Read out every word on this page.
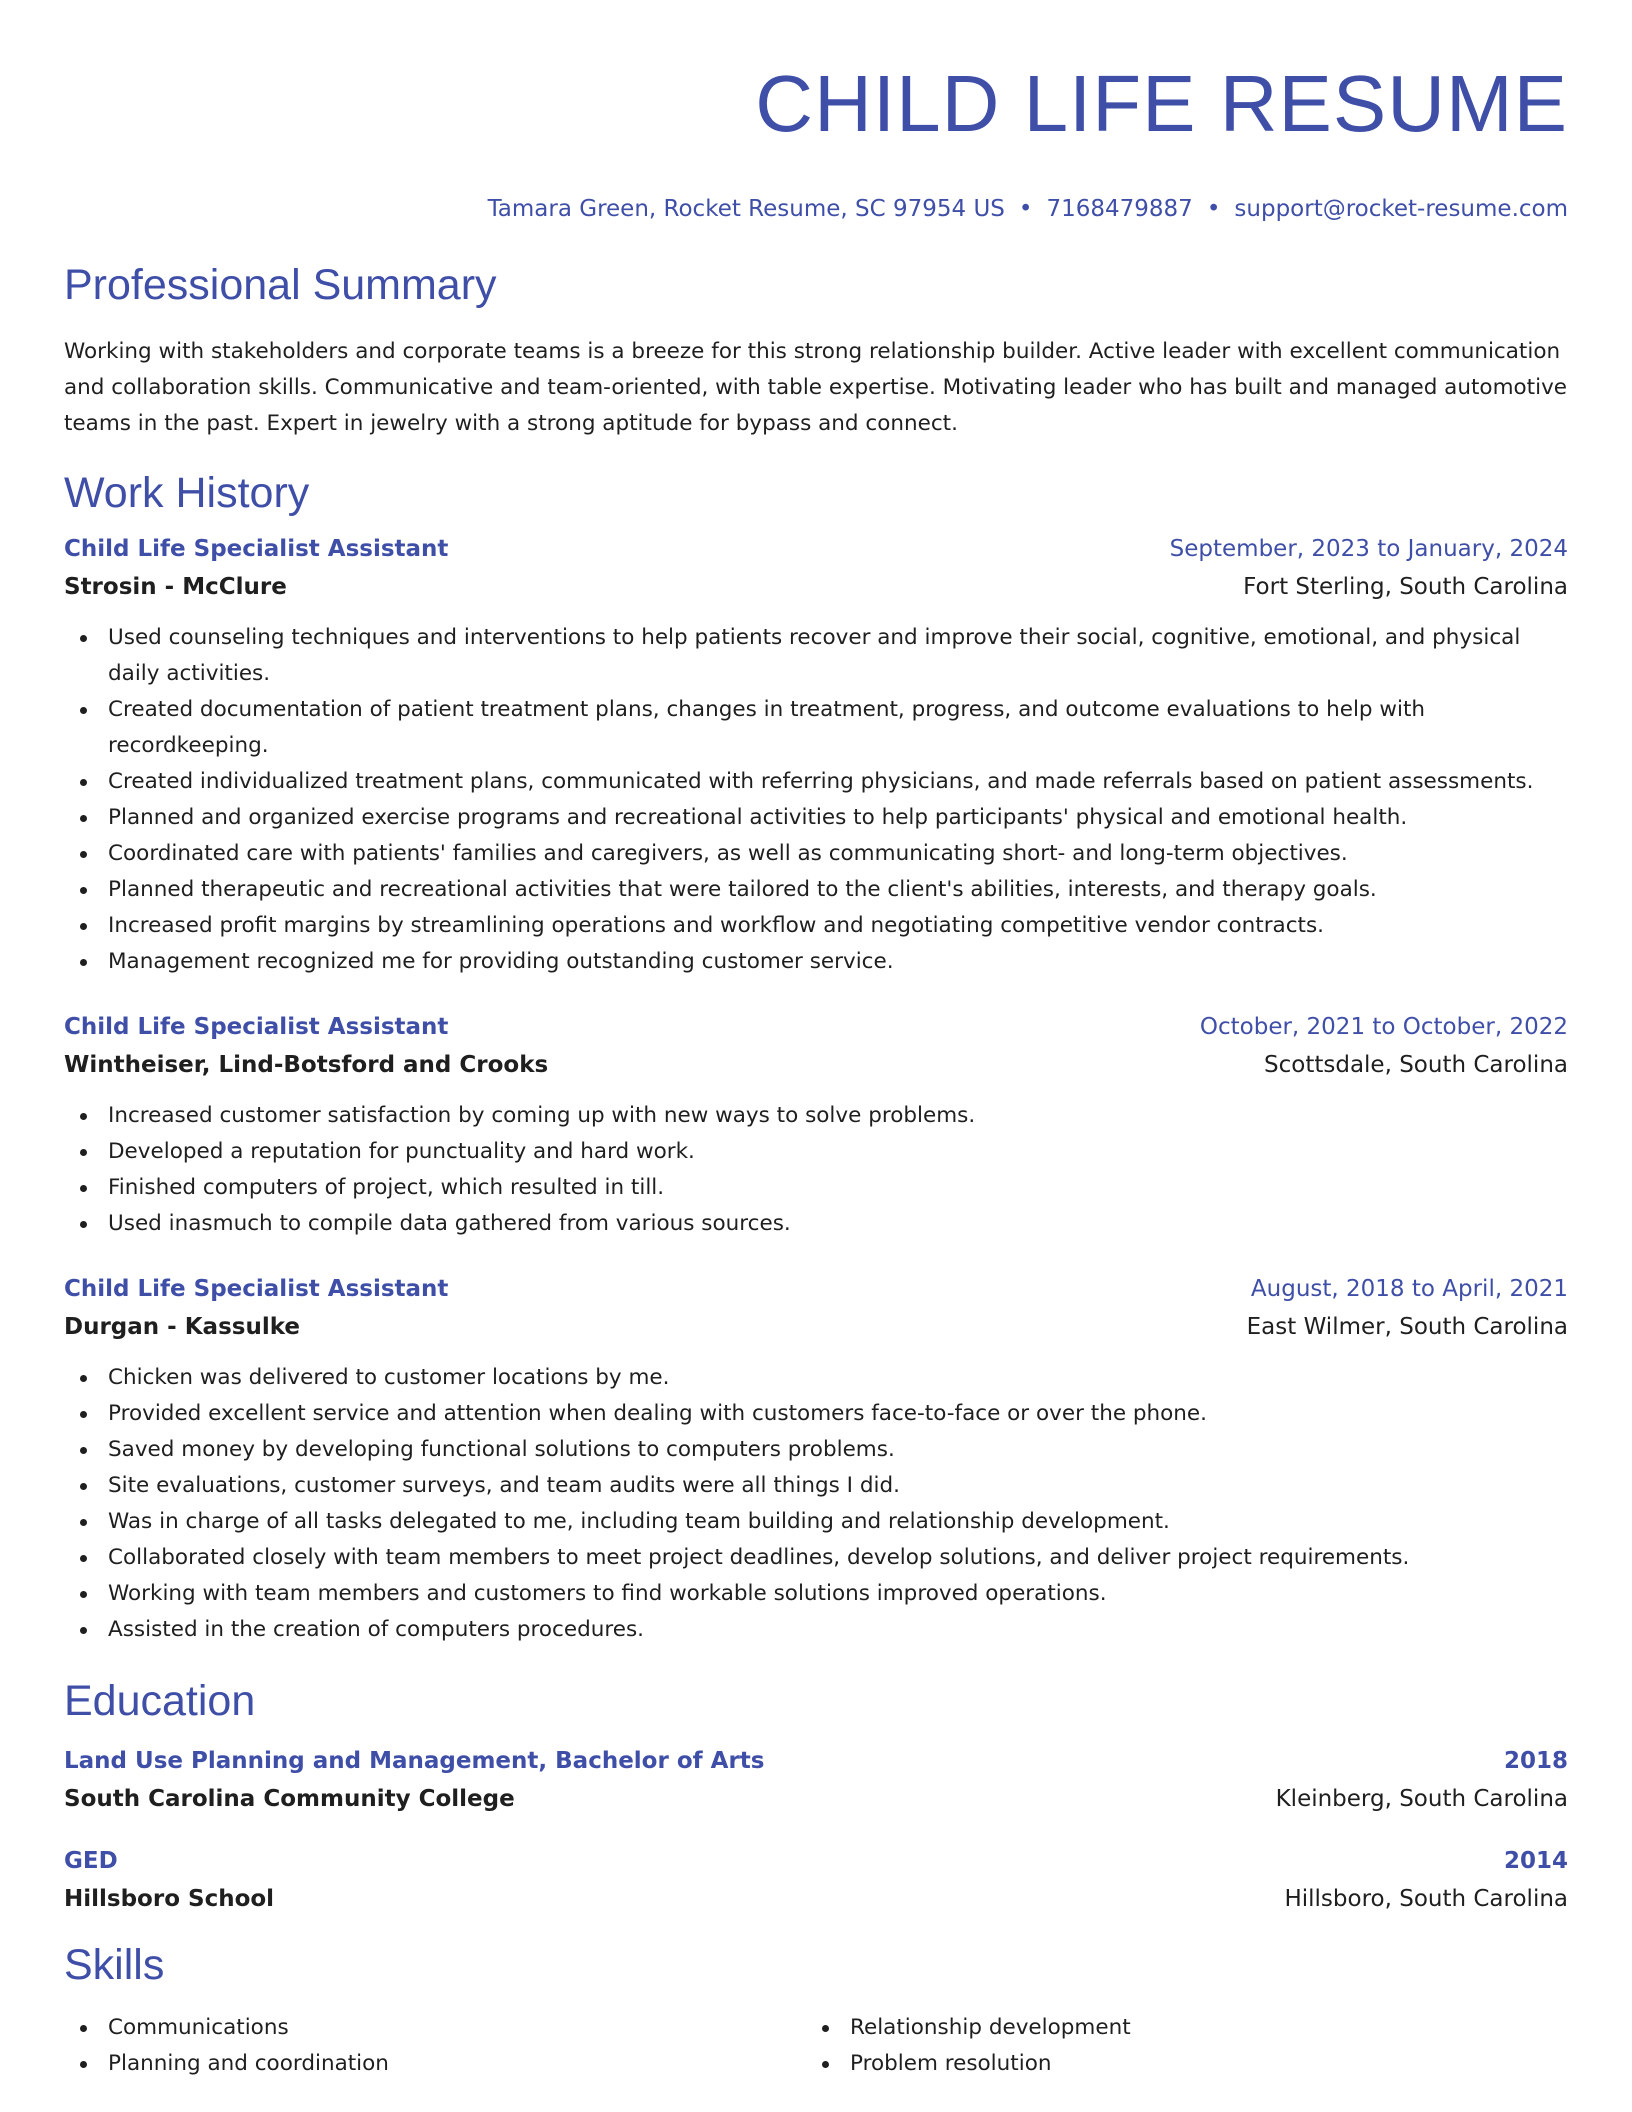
CHILD LIFE RESUME
Tamara Green, Rocket Resume, SC 97954 US • 7168479887 • support@rocket-resume.com
Professional Summary

Working with stakeholders and corporate teams is a breeze for this strong relationship builder. Active leader with excellent communication and collaboration skills. Communicative and team-oriented, with table expertise. Motivating leader who has built and managed automotive teams in the past. Expert in jewelry with a strong aptitude for bypass and connect.

Work History
Child Life Specialist Assistant	September, 2023 to January, 2024
Strosin - McClure	Fort Sterling, South Carolina
Used counseling techniques and interventions to help patients recover and improve their social, cognitive, emotional, and physical daily activities.
Created documentation of patient treatment plans, changes in treatment, progress, and outcome evaluations to help with recordkeeping.
Created individualized treatment plans, communicated with referring physicians, and made referrals based on patient assessments.
Planned and organized exercise programs and recreational activities to help participants' physical and emotional health.
Coordinated care with patients' families and caregivers, as well as communicating short- and long-term objectives.
Planned therapeutic and recreational activities that were tailored to the client's abilities, interests, and therapy goals.
Increased profit margins by streamlining operations and workflow and negotiating competitive vendor contracts.
Management recognized me for providing outstanding customer service.
Child Life Specialist Assistant	October, 2021 to October, 2022
Wintheiser, Lind-Botsford and Crooks	Scottsdale, South Carolina
Increased customer satisfaction by coming up with new ways to solve problems.
Developed a reputation for punctuality and hard work.
Finished computers of project, which resulted in till.
Used inasmuch to compile data gathered from various sources.
Child Life Specialist Assistant	August, 2018 to April, 2021
Durgan - Kassulke	East Wilmer, South Carolina
Chicken was delivered to customer locations by me.
Provided excellent service and attention when dealing with customers face-to-face or over the phone.
Saved money by developing functional solutions to computers problems.
Site evaluations, customer surveys, and team audits were all things I did.
Was in charge of all tasks delegated to me, including team building and relationship development.
Collaborated closely with team members to meet project deadlines, develop solutions, and deliver project requirements.
Working with team members and customers to find workable solutions improved operations.
Assisted in the creation of computers procedures.
Education
Land Use Planning and Management, Bachelor of Arts	2018
South Carolina Community College	Kleinberg, South Carolina
GED	2014
Hillsboro School	Hillsboro, South Carolina
Skills
Communications
Planning and coordination
Relationship development
Problem resolution
